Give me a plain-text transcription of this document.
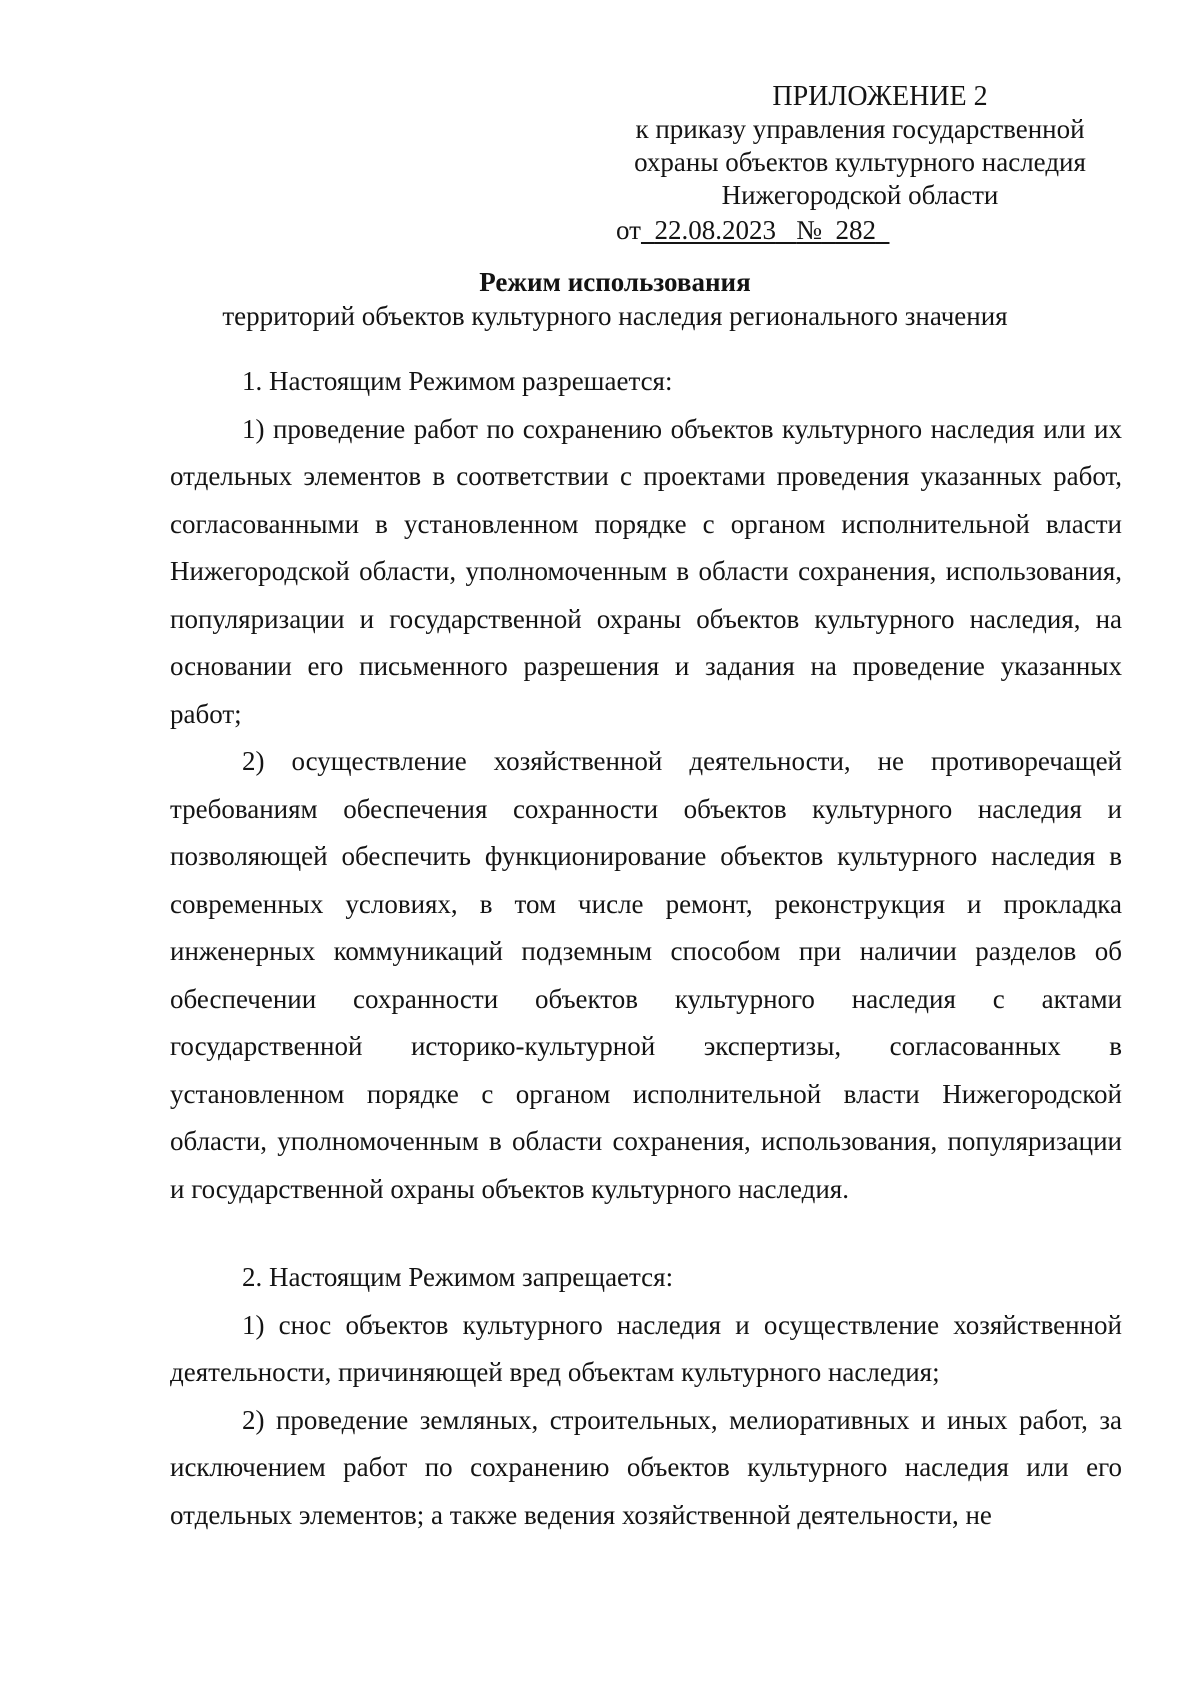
ПРИЛОЖЕНИЕ 2
к приказу управления государственной
охраны объектов культурного наследия
Нижегородской области
от 22.08.2023 № 282
Режим использования
территорий объектов культурного наследия регионального значения

1. Настоящим Режимом разрешается:

1) проведение работ по сохранению объектов культурного наследия или их отдельных элементов в соответствии с проектами проведения указанных работ, согласованными в установленном порядке с органом исполнительной власти Нижегородской области, уполномоченным в области сохранения, использования, популяризации и государственной охраны объектов культурного наследия, на основании его письменного разрешения и задания на проведение указанных работ;

2) осуществление хозяйственной деятельности, не противоречащей требованиям обеспечения сохранности объектов культурного наследия и позволяющей обеспечить функционирование объектов культурного наследия в современных условиях, в том числе ремонт, реконструкция и прокладка инженерных коммуникаций подземным способом при наличии разделов об обеспечении сохранности объектов культурного наследия с актами государственной историко-культурной экспертизы, согласованных в установленном порядке с органом исполнительной власти Нижегородской области, уполномоченным в области сохранения, использования, популяризации и государственной охраны объектов культурного наследия.

2. Настоящим Режимом запрещается:

1) снос объектов культурного наследия и осуществление хозяйственной деятельности, причиняющей вред объектам культурного наследия;

2) проведение земляных, строительных, мелиоративных и иных работ, за исключением работ по сохранению объектов культурного наследия или его отдельных элементов; а также ведения хозяйственной деятельности, не
